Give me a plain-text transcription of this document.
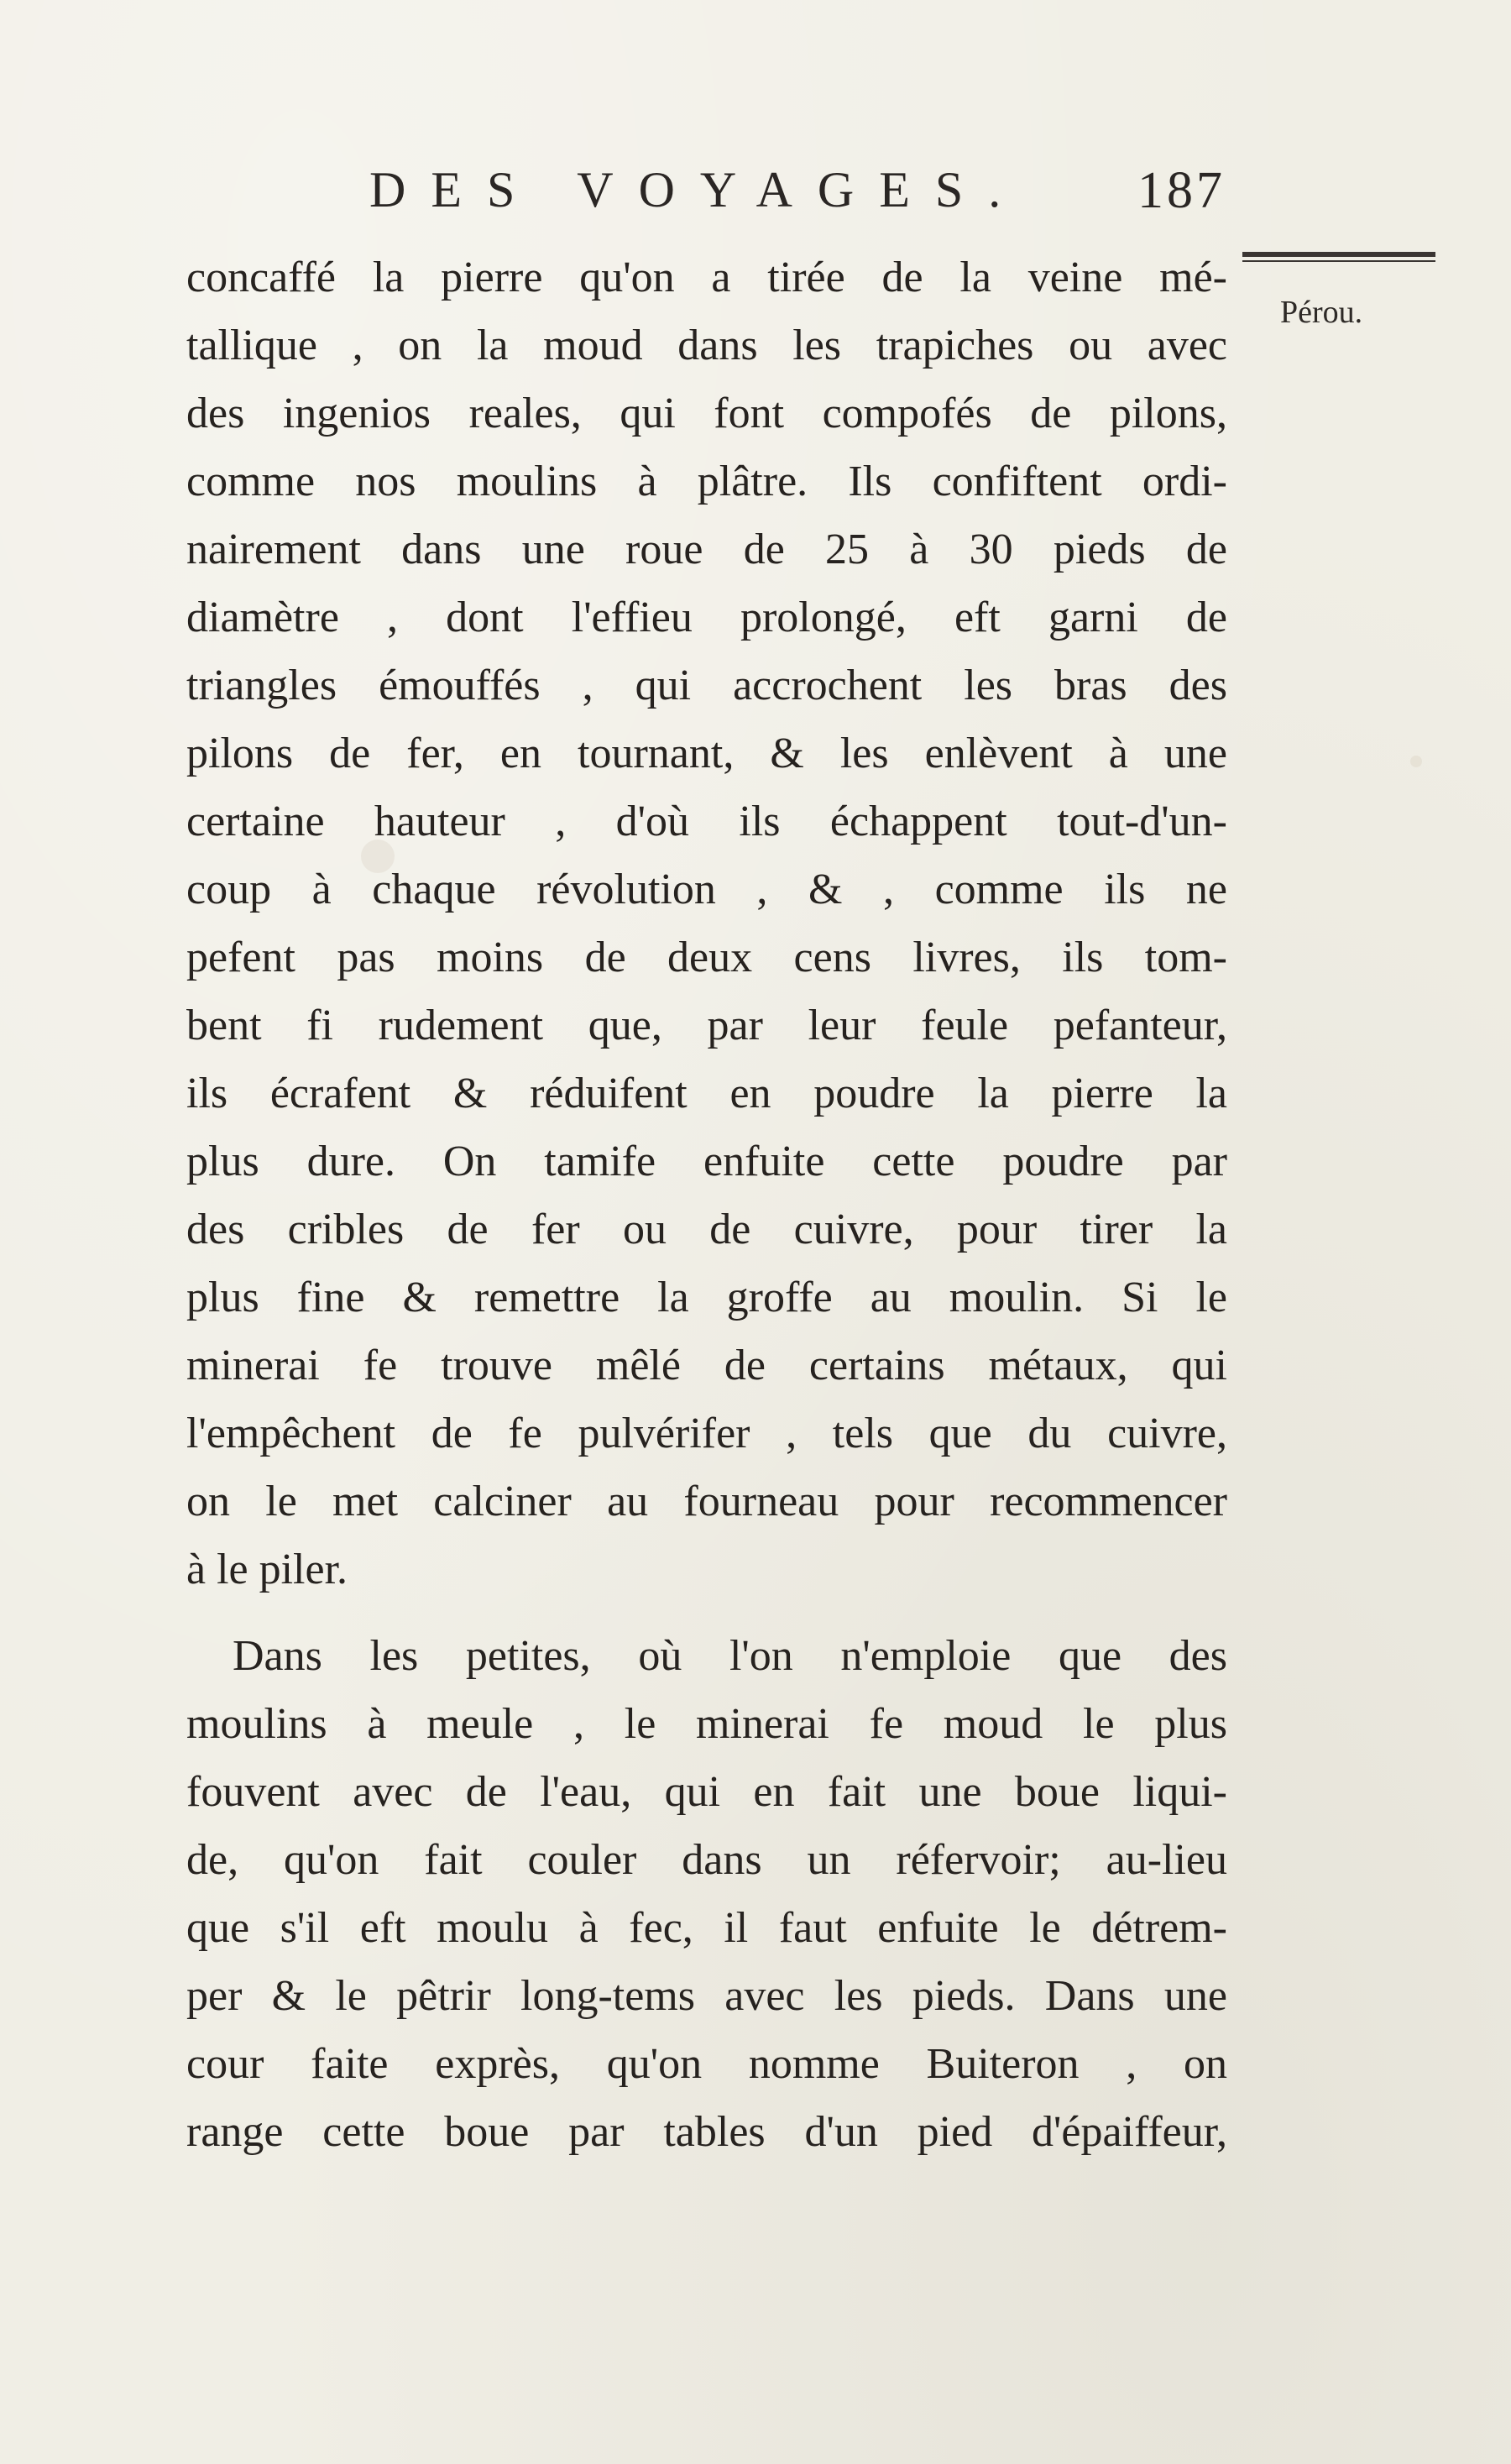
DES VOYAGES. 187
Pérou.
concaffé la pierre qu'on a tirée de la veine mé-
tallique , on la moud dans les trapiches ou avec
des ingenios reales, qui font compofés de pilons,
comme nos moulins à plâtre. Ils confiftent ordi-
nairement dans une roue de 25 à 30 pieds de
diamètre , dont l'effieu prolongé, eft garni de
triangles émouffés , qui accrochent les bras des
pilons de fer, en tournant, & les enlèvent à une
certaine hauteur , d'où ils échappent tout-d'un-
coup à chaque révolution , & , comme ils ne
pefent pas moins de deux cens livres, ils tom-
bent fi rudement que, par leur feule pefanteur,
ils écrafent & réduifent en poudre la pierre la
plus dure. On tamife enfuite cette poudre par
des cribles de fer ou de cuivre, pour tirer la
plus fine & remettre la groffe au moulin. Si le
minerai fe trouve mêlé de certains métaux, qui
l'empêchent de fe pulvérifer , tels que du cuivre,
on le met calciner au fourneau pour recommencer
à le piler.
Dans les petites, où l'on n'emploie que des
moulins à meule , le minerai fe moud le plus
fouvent avec de l'eau, qui en fait une boue liqui-
de, qu'on fait couler dans un réfervoir; au-lieu
que s'il eft moulu à fec, il faut enfuite le détrem-
per & le pêtrir long-tems avec les pieds. Dans une
cour faite exprès, qu'on nomme Buiteron , on
range cette boue par tables d'un pied d'épaiffeur,
